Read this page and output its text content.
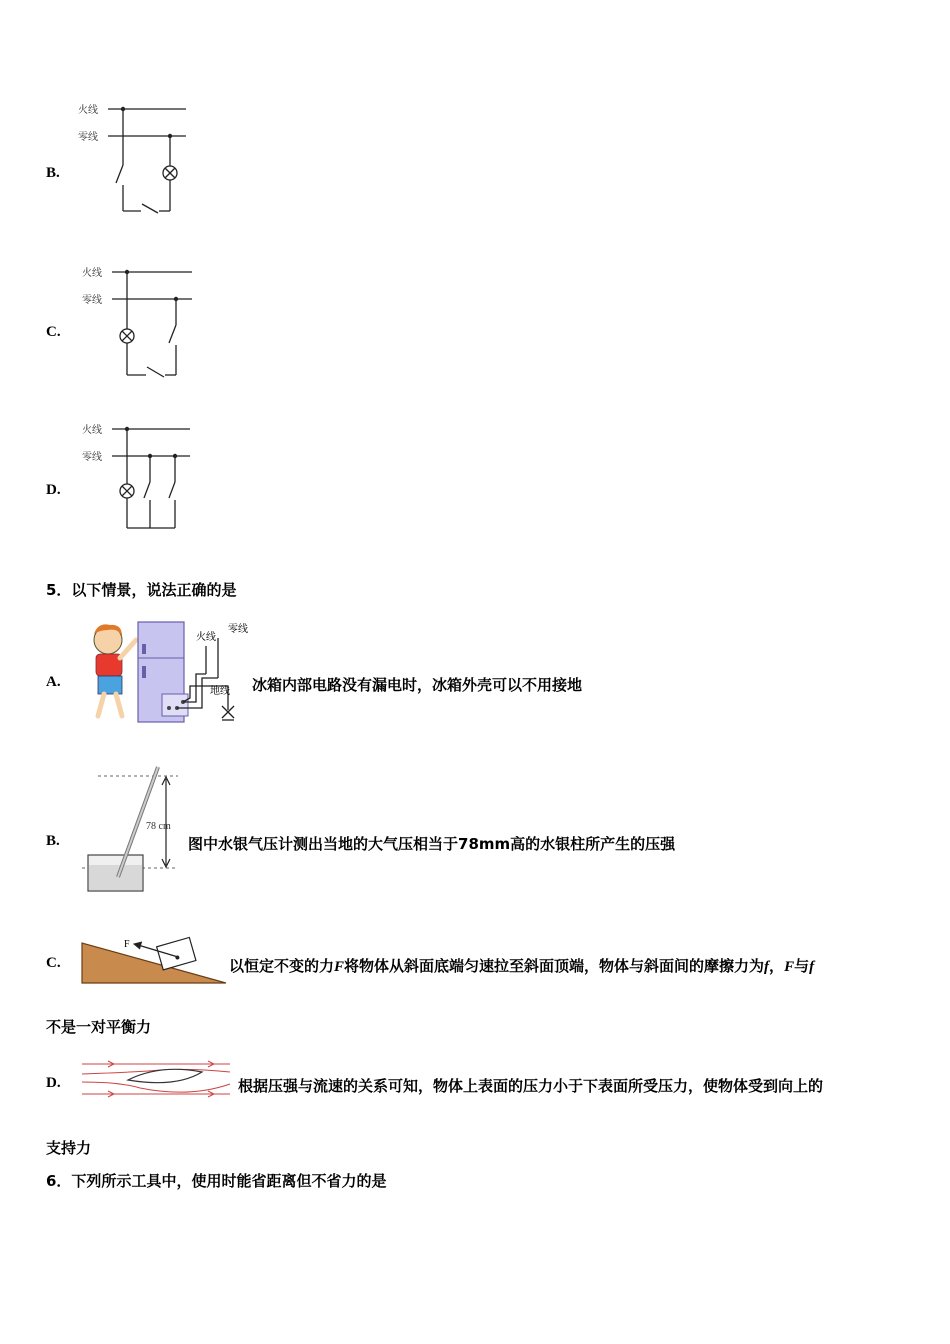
B.
火线
零线
C.
火线
零线
D.
火线
零线
5．以下情景，说法正确的是
A.
火线
零线
地线 冰箱内部电路没有漏电时，冰箱外壳可以不用接地
B.
78 cm
图中水银气压计测出当地的大气压相当于78mm高的水银柱所产生的压强
C.
F
以恒定不变的力F将物体从斜面底端匀速拉至斜面顶端，物体与斜面间的摩擦力为f，F与f
不是一对平衡力
D.	根据压强与流速的关系可知，物体上表面的压力小于下表面所受压力，使物体受到向上的
支持力
6．下列所示工具中，使用时能省距离但不省力的是
